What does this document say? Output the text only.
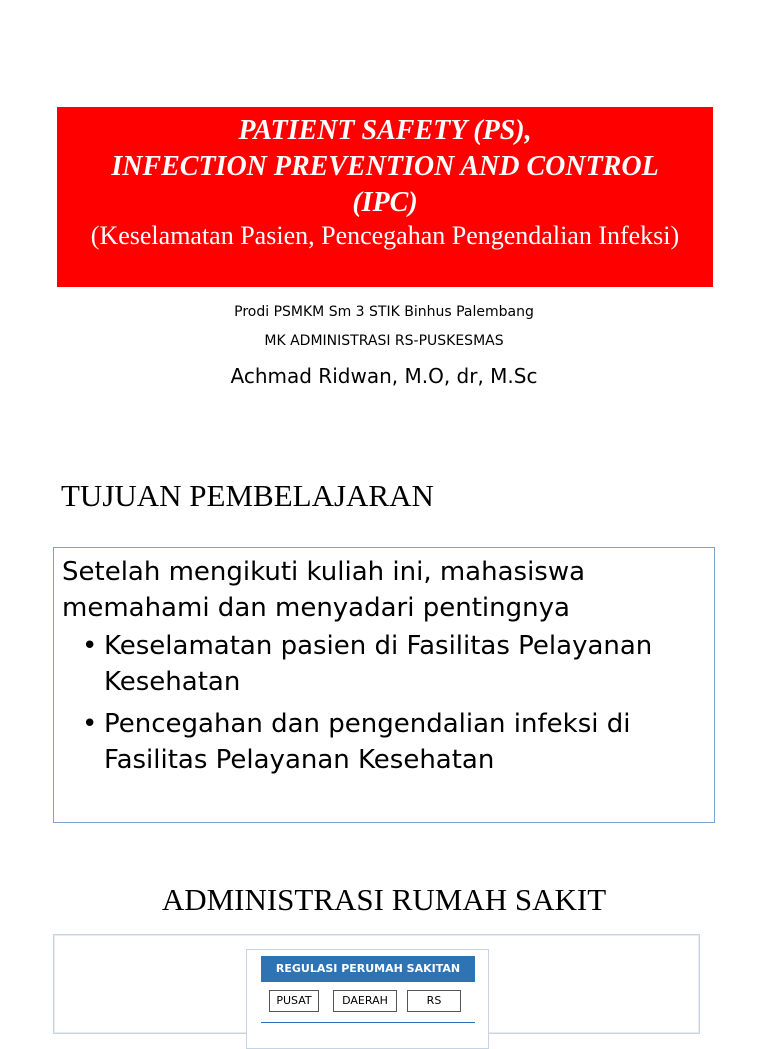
PATIENT SAFETY (PS),
INFECTION PREVENTION AND CONTROL
(IPC)
(Keselamatan Pasien, Pencegahan Pengendalian Infeksi)
Prodi PSMKM Sm 3 STIK Binhus Palembang
MK ADMINISTRASI RS-PUSKESMAS
Achmad Ridwan, M.O, dr, M.Sc
TUJUAN PEMBELAJARAN
Setelah mengikuti kuliah ini, mahasiswa memahami dan menyadari pentingnya
• Keselamatan pasien di Fasilitas Pelayanan Kesehatan
• Pencegahan dan pengendalian infeksi di Fasilitas Pelayanan Kesehatan
ADMINISTRASI RUMAH SAKIT
REGULASI PERUMAH SAKITAN
PUSAT	DAERAH	RS
